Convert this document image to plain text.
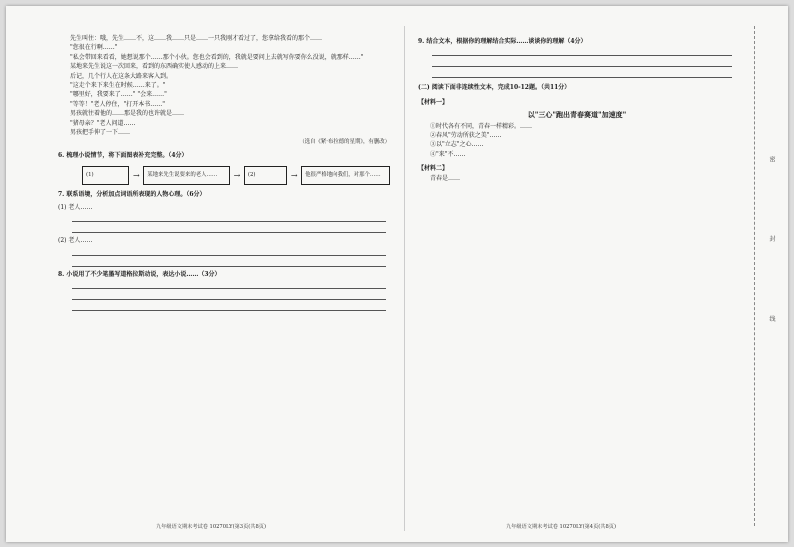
密 封 线

先生叫住：哦，先生……不，这……我……只是……一只我刚才看过了，您拿给我看的那个……

"您很在行啊……"

"私会带回来看看，她想说那个……那个小伙。您也会看到的，我就是要问上去就写你要你么没说，就那样……"

某地来先生说这一次回来，看到的东西确实使人感动的上来……

后记，几个行人在这条大路来客入到。

"这走个来下来生在时候……来了。"

"哪里好，我要来了……" "会来……"

"等等！"老人停住，"打开本书……"

男孩就往着他的……那是我的也许就是……

"猪母亲？"老人问道……

男孩把手伸了一下……

（选自《紧·布拉德的星期》，有删改）

6. 梳理小说情节，将下面图表补充完整。（4分）

(1)	→	某地来先生说要来的老人……	→	(2)	→	他很严格地向我们，对那个……

7. 联系语境，分析加点词语所表现的人物心理。（6分）

(1) 老人……

(2) 老人……

8. 小说用了不少笔墨写道格拉斯动说，表达小说……（3分）

9. 结合文本，根据你的理解结合实际……谈谈你的理解（4分）

(二) 阅读下面非连续性文本，完成10-12题。（共11分）

【材料一】

以"三心"跑出青春赛道"加速度"

①时代各有不同，青春一样精彩。……

②春风"劳动所获之美"……

③以"立志"之心……

④"来"不……

【材料二】

青春是……

九年级语文期末考试卷 10270LY(第3页(共8页)	九年级语文期末考试卷 10270LY(第4页(共8页)
